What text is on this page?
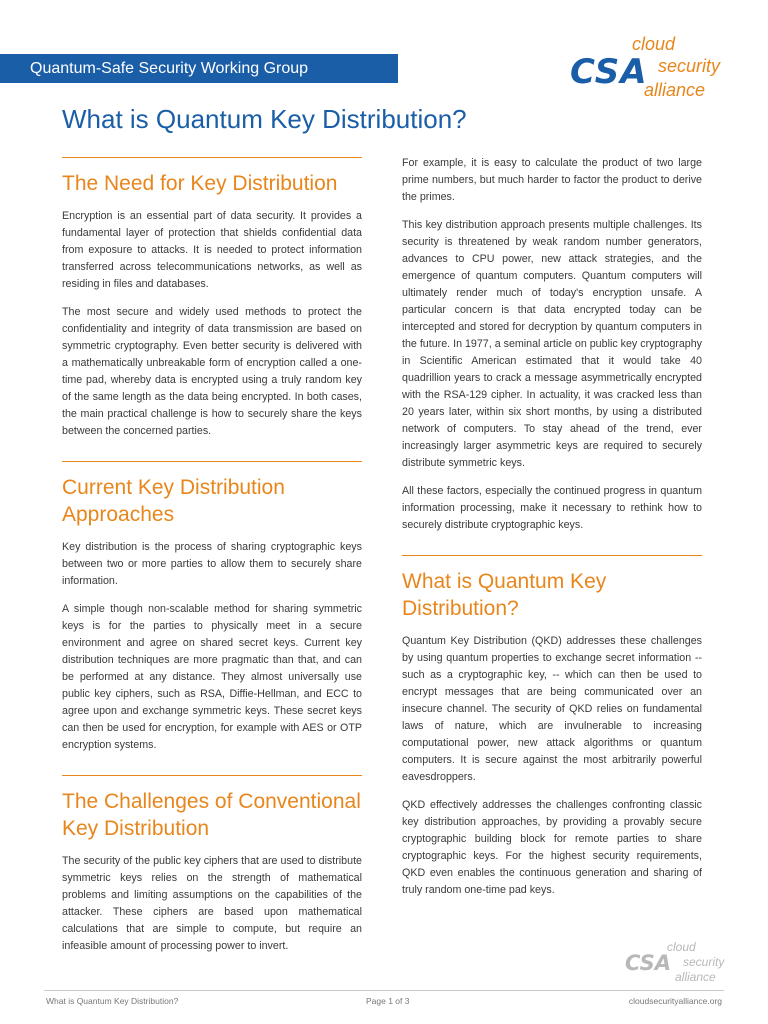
Quantum-Safe Security Working Group	CSA
cloud
security
alliance
What is Quantum Key Distribution?
The Need for Key Distribution

Encryption is an essential part of data security. It provides a fundamental layer of protection that shields confidential data from exposure to attacks. It is needed to protect information transferred across telecommunications networks, as well as residing in files and databases.

The most secure and widely used methods to protect the confidentiality and integrity of data transmission are based on symmetric cryptography. Even better security is delivered with a mathematically unbreakable form of encryption called a one-time pad, whereby data is encrypted using a truly random key of the same length as the data being encrypted. In both cases, the main practical challenge is how to securely share the keys between the concerned parties.

Current Key Distribution Approaches

Key distribution is the process of sharing cryptographic keys between two or more parties to allow them to securely share information.

A simple though non-scalable method for sharing symmetric keys is for the parties to physically meet in a secure environment and agree on shared secret keys. Current key distribution techniques are more pragmatic than that, and can be performed at any distance. They almost universally use public key ciphers, such as RSA, Diffie-Hellman, and ECC to agree upon and exchange symmetric keys. These secret keys can then be used for encryption, for example with AES or OTP encryption systems.

The Challenges of Conventional Key Distribution

The security of the public key ciphers that are used to distribute symmetric keys relies on the strength of mathematical problems and limiting assumptions on the capabilities of the attacker. These ciphers are based upon mathematical calculations that are simple to compute, but require an infeasible amount of processing power to invert.

For example, it is easy to calculate the product of two large prime numbers, but much harder to factor the product to derive the primes.

This key distribution approach presents multiple challenges. Its security is threatened by weak random number generators, advances to CPU power, new attack strategies, and the emergence of quantum computers. Quantum computers will ultimately render much of today's encryption unsafe. A particular concern is that data encrypted today can be intercepted and stored for decryption by quantum computers in the future. In 1977, a seminal article on public key cryptography in Scientific American estimated that it would take 40 quadrillion years to crack a message asymmetrically encrypted with the RSA-129 cipher. In actuality, it was cracked less than 20 years later, within six short months, by using a distributed network of computers. To stay ahead of the trend, ever increasingly larger asymmetric keys are required to securely distribute symmetric keys.

All these factors, especially the continued progress in quantum information processing, make it necessary to rethink how to securely distribute cryptographic keys.

What is Quantum Key Distribution?

Quantum Key Distribution (QKD) addresses these challenges by using quantum properties to exchange secret information -- such as a cryptographic key, -- which can then be used to encrypt messages that are being communicated over an insecure channel. The security of QKD relies on fundamental laws of nature, which are invulnerable to increasing computational power, new attack algorithms or quantum computers. It is secure against the most arbitrarily powerful eavesdroppers.

QKD effectively addresses the challenges confronting classic key distribution approaches, by providing a provably secure cryptographic building block for remote parties to share cryptographic keys. For the highest security requirements, QKD even enables the continuous generation and sharing of truly random one-time pad keys.

CSA
cloud
security
alliance
What is Quantum Key Distribution?	Page 1 of 3	cloudsecurityalliance.org
